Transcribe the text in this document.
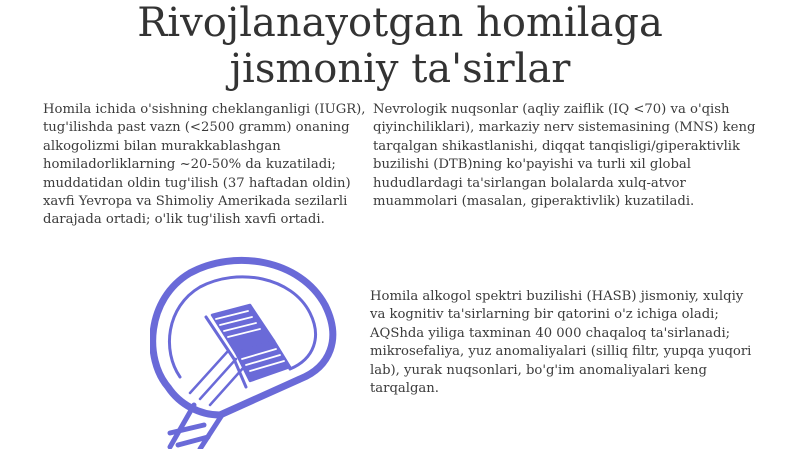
Rivojlanayotgan homilaga
jismoniy ta'sirlar

Homila ichida o'sishning cheklanganligi (IUGR), tug'ilishda past vazn (<2500 gramm) onaning alkogolizmi bilan murakkablashgan homiladorliklarning ~20-50% da kuzatiladi; muddatidan oldin tug'ilish (37 haftadan oldin) xavfi Yevropa va Shimoliy Amerikada sezilarli darajada ortadi; o'lik tug'ilish xavfi ortadi.

Nevrologik nuqsonlar (aqliy zaiflik (IQ <70) va o'qish qiyinchiliklari), markaziy nerv sistemasining (MNS) keng tarqalgan shikastlanishi, diqqat tanqisligi/giperaktivlik buzilishi (DTB)ning ko'payishi va turli xil global hududlardagi ta'sirlangan bolalarda xulq-atvor muammolari (masalan, giperaktivlik) kuzatiladi.

Homila alkogol spektri buzilishi (HASB) jismoniy, xulqiy va kognitiv ta'sirlarning bir qatorini o'z ichiga oladi; AQShda yiliga taxminan 40 000 chaqaloq ta'sirlanadi; mikrosefaliya, yuz anomaliyalari (silliq filtr, yupqa yuqori lab), yurak nuqsonlari, bo'g'im anomaliyalari keng tarqalgan.
